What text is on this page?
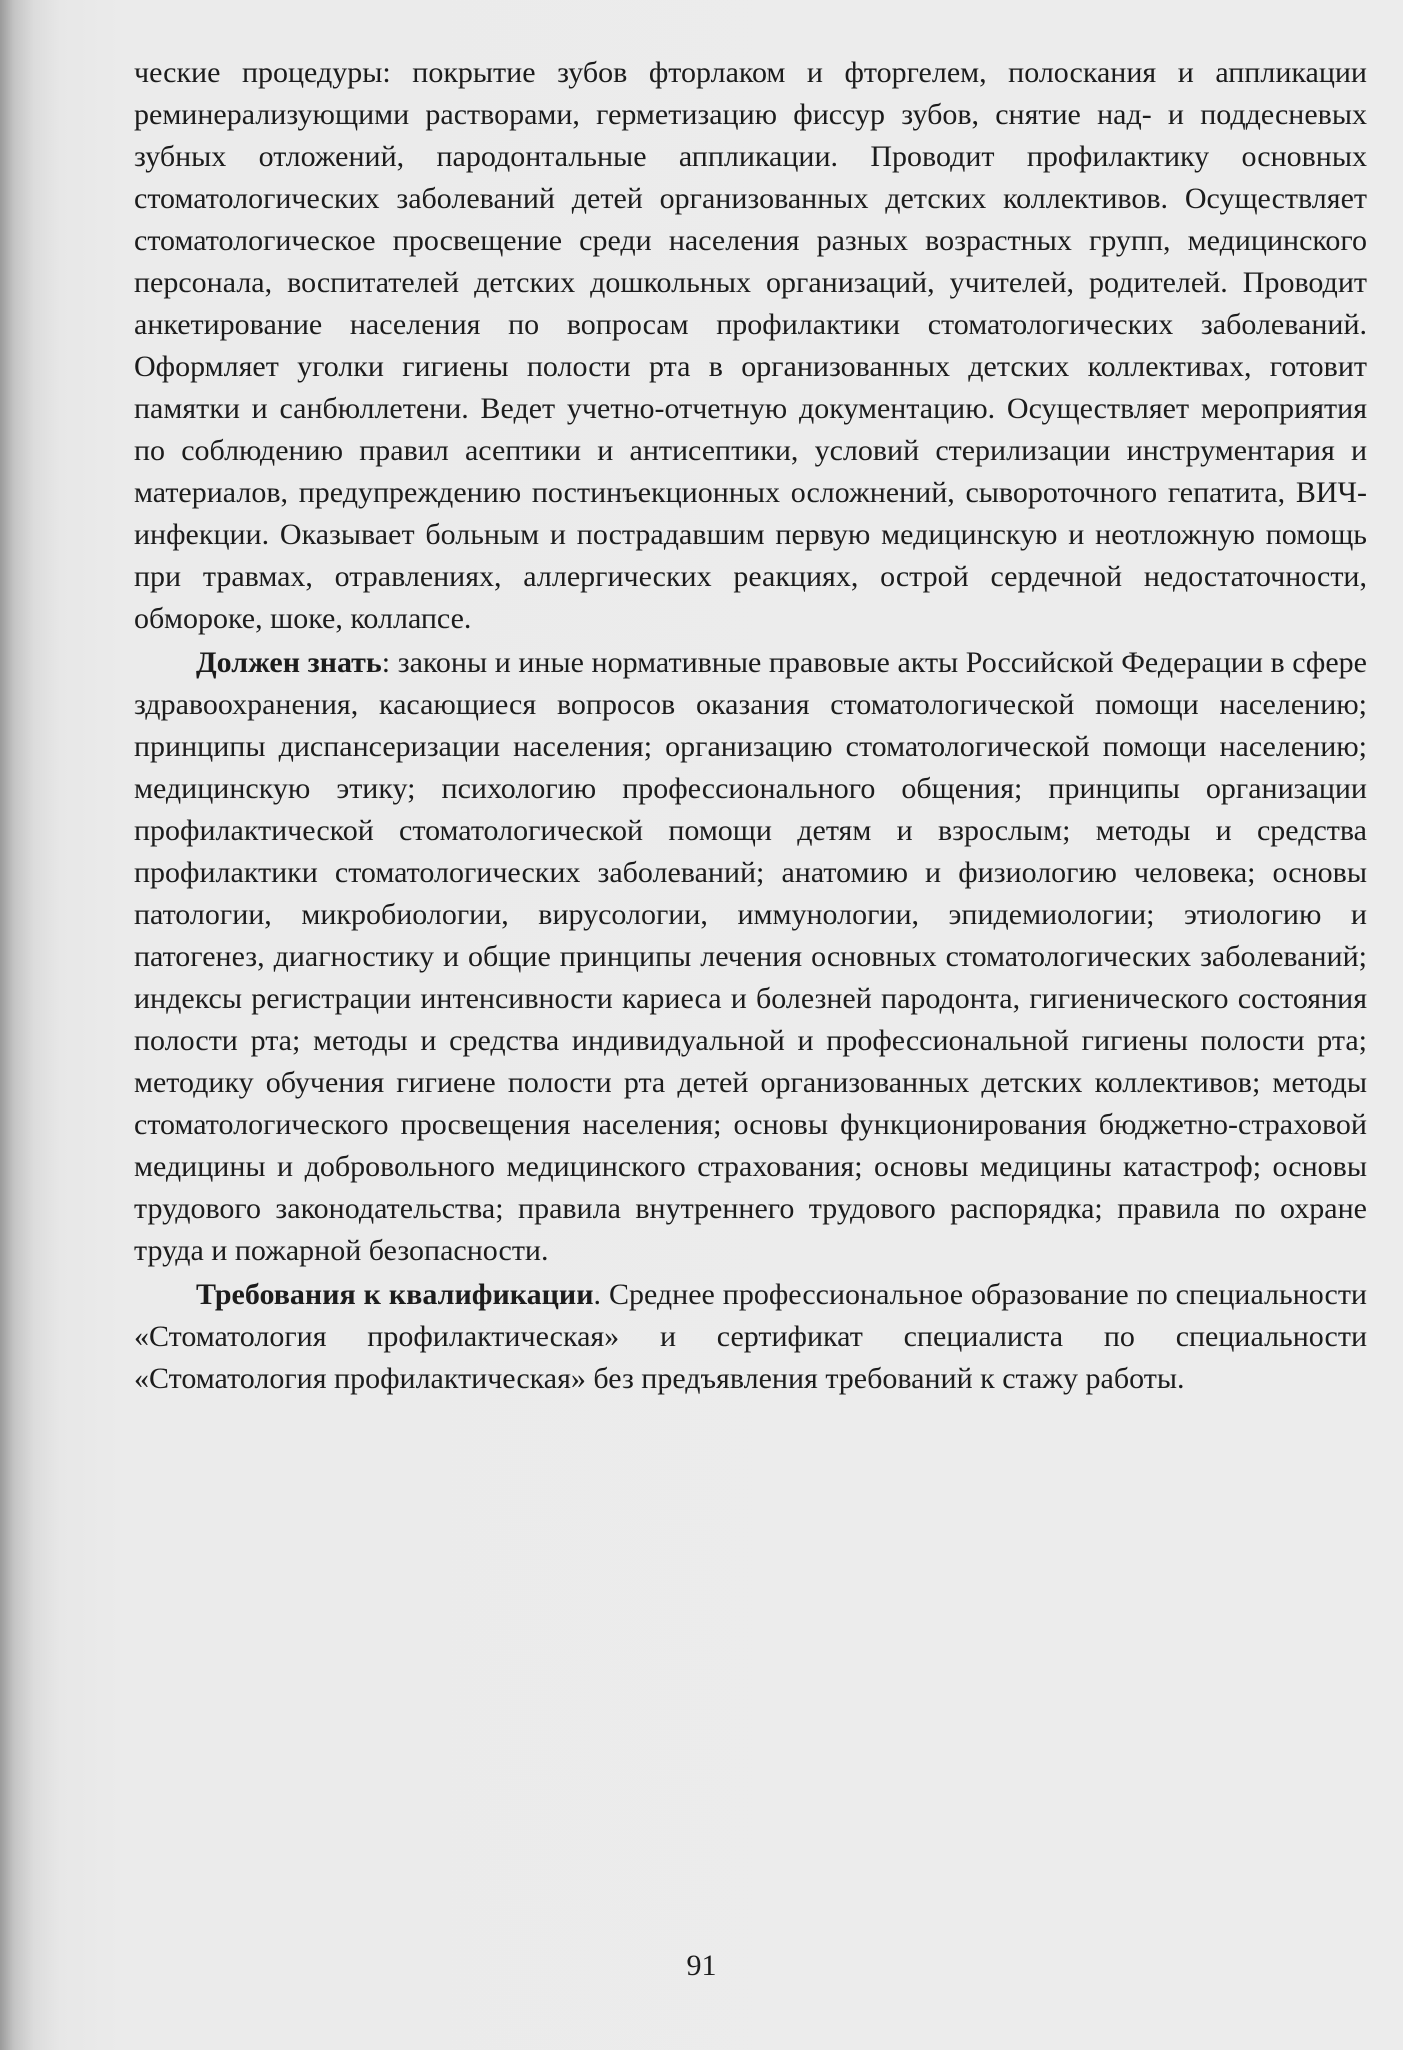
ческие процедуры: покрытие зубов фторлаком и фторгелем, полоскания и аппликации реминерализующими растворами, герметизацию фиссур зубов, снятие над- и поддесневых зубных отложений, пародонтальные аппликации. Проводит профилактику основных стоматологических заболеваний детей организованных детских коллективов. Осуществляет стоматологическое просвещение среди населения разных возрастных групп, медицинского персонала, воспитателей детских дошкольных организаций, учителей, родителей. Проводит анкетирование населения по вопросам профилактики стоматологических заболеваний. Оформляет уголки гигиены полости рта в организованных детских коллективах, готовит памятки и санбюллетени. Ведет учетно-отчетную документацию. Осуществляет мероприятия по соблюдению правил асептики и антисептики, условий стерилизации инструментария и материалов, предупреждению постинъекционных осложнений, сывороточного гепатита, ВИЧ-инфекции. Оказывает больным и пострадавшим первую медицинскую и неотложную помощь при травмах, отравлениях, аллергических реакциях, острой сердечной недостаточности, обмороке, шоке, коллапсе.

Должен знать: законы и иные нормативные правовые акты Российской Федерации в сфере здравоохранения, касающиеся вопросов оказания стоматологической помощи населению; принципы диспансеризации населения; организацию стоматологической помощи населению; медицинскую этику; психологию профессионального общения; принципы организации профилактической стоматологической помощи детям и взрослым; методы и средства профилактики стоматологических заболеваний; анатомию и физиологию человека; основы патологии, микробиологии, вирусологии, иммунологии, эпидемиологии; этиологию и патогенез, диагностику и общие принципы лечения основных стоматологических заболеваний; индексы регистрации интенсивности кариеса и болезней пародонта, гигиенического состояния полости рта; методы и средства индивидуальной и профессиональной гигиены полости рта; методику обучения гигиене полости рта детей организованных детских коллективов; методы стоматологического просвещения населения; основы функционирования бюджетно-страховой медицины и добровольного медицинского страхования; основы медицины катастроф; основы трудового законодательства; правила внутреннего трудового распорядка; правила по охране труда и пожарной безопасности.

Требования к квалификации. Среднее профессиональное образование по специальности «Стоматология профилактическая» и сертификат специалиста по специальности «Стоматология профилактическая» без предъявления требований к стажу работы.

91
